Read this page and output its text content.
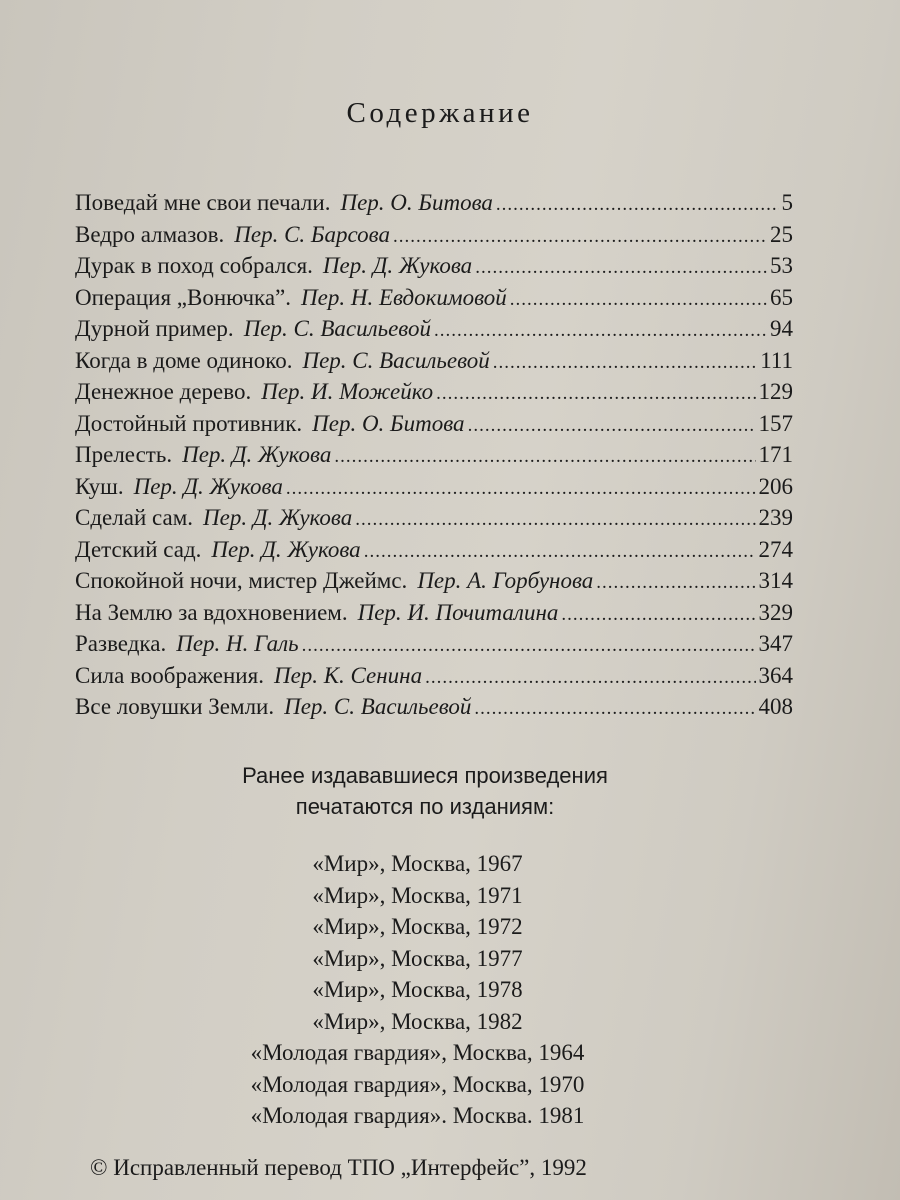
Содержание
Поведай мне свои печали. Пер. О. Битова .....	5
Ведро алмазов. Пер. С. Барсова .....	25
Дурак в поход собрался. Пер. Д. Жукова .....	53
Операция „Вонючка”. Пер. Н. Евдокимовой .....	65
Дурной пример. Пер. С. Васильевой .....	94
Когда в доме одиноко. Пер. С. Васильевой .....	111
Денежное дерево. Пер. И. Можейко .....	129
Достойный противник. Пер. О. Битова .....	157
Прелесть. Пер. Д. Жукова .....	171
Куш. Пер. Д. Жукова .....	206
Сделай сам. Пер. Д. Жукова .....	239
Детский сад. Пер. Д. Жукова .....	274
Спокойной ночи, мистер Джеймс. Пер. А. Горбунова .....	314
На Землю за вдохновением. Пер. И. Почиталина .....	329
Разведка. Пер. Н. Галь .....	347
Сила воображения. Пер. К. Сенина .....	364
Все ловушки Земли. Пер. С. Васильевой .....	408
Ранее издававшиеся произведения
печатаются по изданиям:
«Мир», Москва, 1967
«Мир», Москва, 1971
«Мир», Москва, 1972
«Мир», Москва, 1977
«Мир», Москва, 1978
«Мир», Москва, 1982
«Молодая гвардия», Москва, 1964
«Молодая гвардия», Москва, 1970
«Молодая гвардия». Москва. 1981

© Исправленный перевод ТПО „Интерфейс”, 1992
